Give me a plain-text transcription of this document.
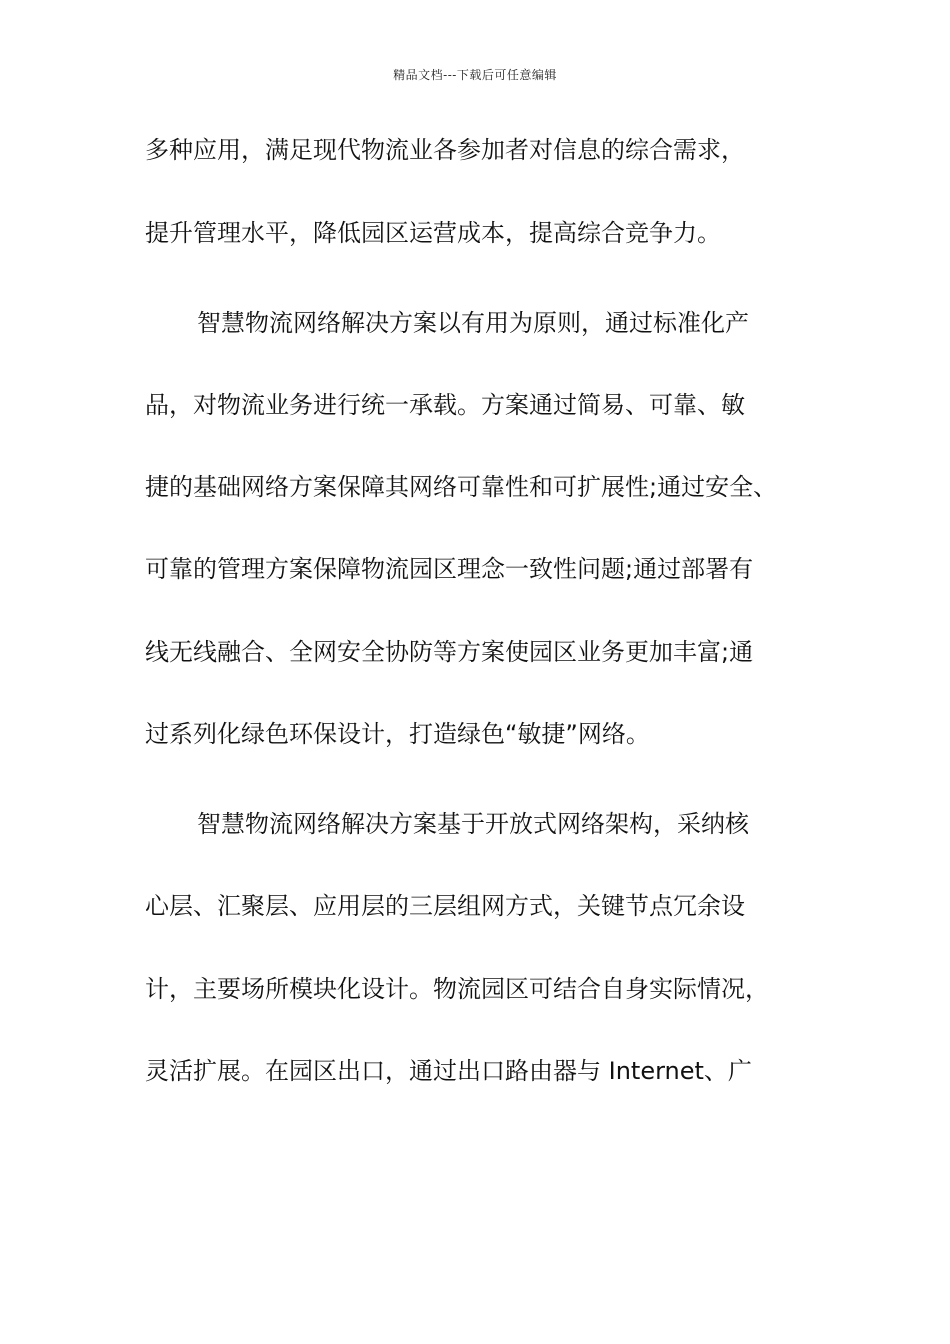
精品文档---下载后可任意编辑
多种应用，满足现代物流业各参加者对信息的综合需求，
提升管理水平，降低园区运营成本，提高综合竞争力。
智慧物流网络解决方案以有用为原则，通过标准化产
品，对物流业务进行统一承载。方案通过简易、可靠、敏
捷的基础网络方案保障其网络可靠性和可扩展性;通过安全、
可靠的管理方案保障物流园区理念一致性问题;通过部署有
线无线融合、全网安全协防等方案使园区业务更加丰富;通
过系列化绿色环保设计，打造绿色“敏捷”网络。
智慧物流网络解决方案基于开放式网络架构，采纳核
心层、汇聚层、应用层的三层组网方式，关键节点冗余设
计，主要场所模块化设计。物流园区可结合自身实际情况，
灵活扩展。在园区出口，通过出口路由器与 Internet、广
